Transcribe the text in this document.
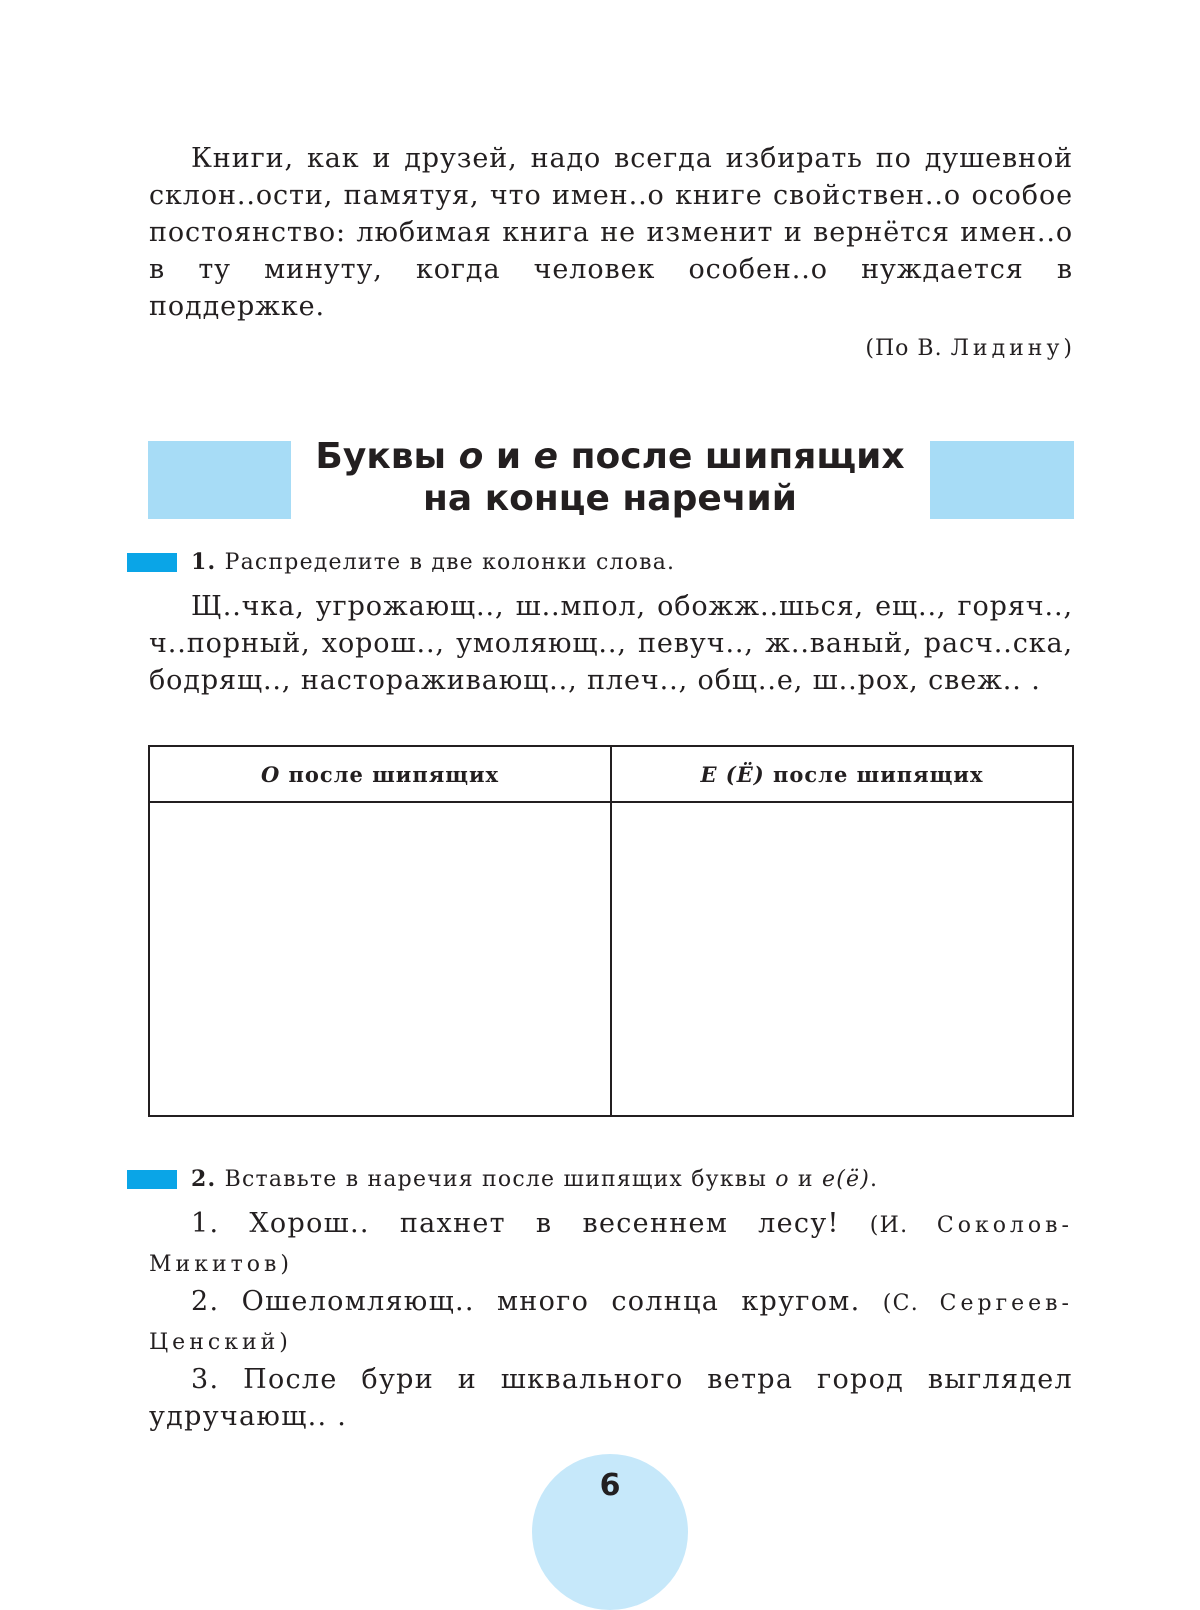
Книги, как и друзей, надо всегда избирать по душевной склон..ости, памятуя, что имен..о книге свойствен..о особое постоянство: любимая книга не изменит и вернётся имен..о в ту минуту, когда человек особен..о нуждается в поддержке.
(По В. Лидину)
Буквы о и е после шипящих
на конце наречий
1. Распределите в две колонки слова.
Щ..чка, угрожающ.., ш..мпол, обожж..шься, ещ.., горяч.., ч..порный, хорош.., умоляющ.., певуч.., ж..ваный, расч..ска, бодрящ.., настораживающ.., плеч.., общ..е, ш..рох, свеж.. .
О после шипящих	Е (Ё) после шипящих

2. Вставьте в наречия после шипящих буквы о и е(ё).
1. Хорош.. пахнет в весеннем лесу! (И. Соколов-Микитов)
2. Ошеломляющ.. много солнца кругом. (С. Сергеев-Ценский)
3. После бури и шквального ветра город выглядел удручающ.. .
6
